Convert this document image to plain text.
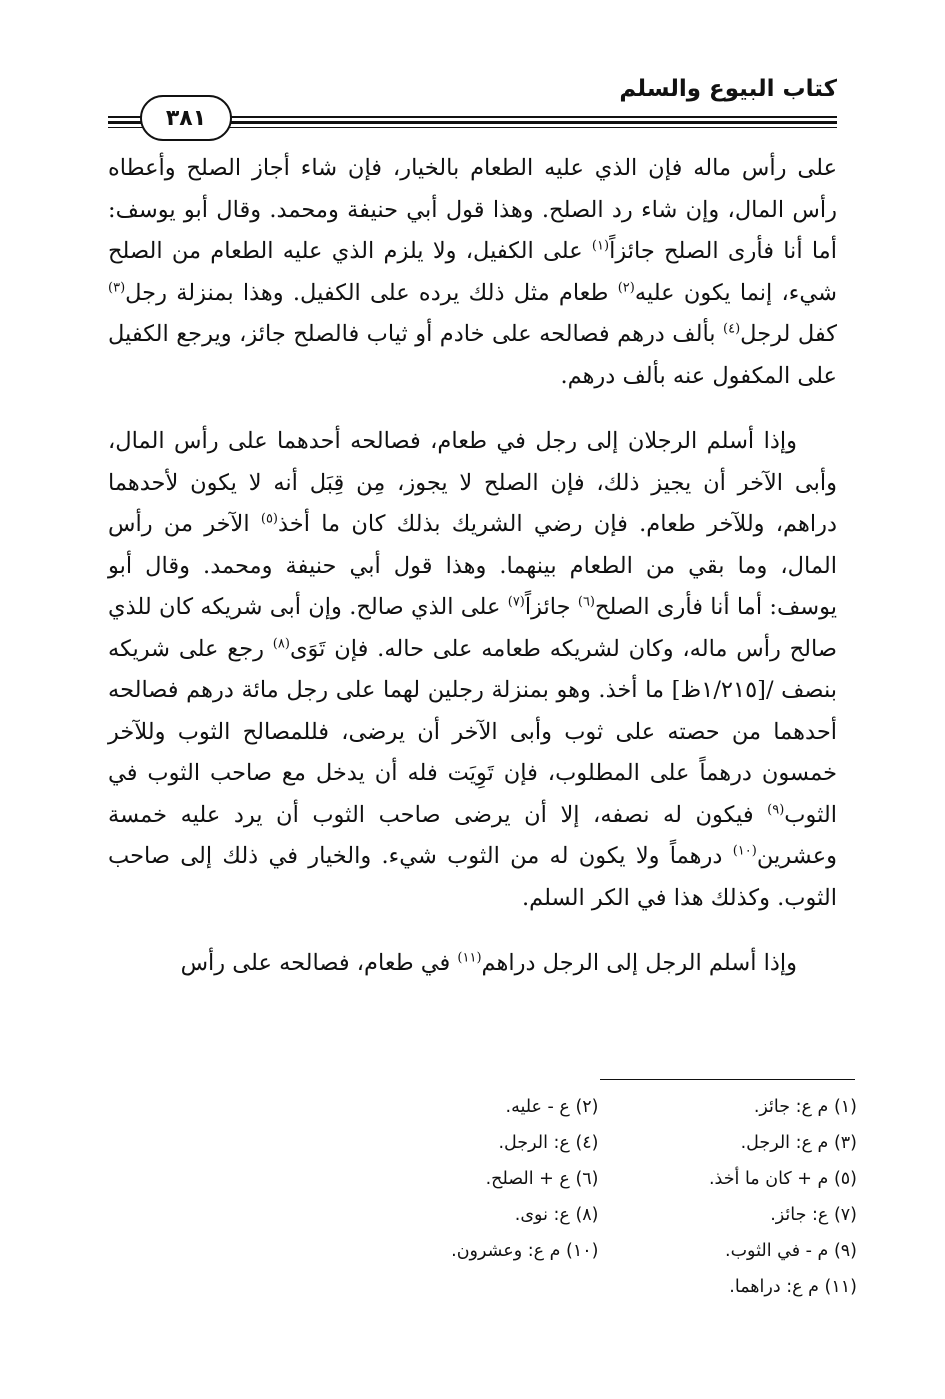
كتاب البيوع والسلم
٣٨١

على رأس ماله فإن الذي عليه الطعام بالخيار، فإن شاء أجاز الصلح وأعطاه رأس المال، وإن شاء رد الصلح. وهذا قول أبي حنيفة ومحمد. وقال أبو يوسف: أما أنا فأرى الصلح جائزاً$^{(١)}$ على الكفيل، ولا يلزم الذي عليه الطعام من الصلح شيء، إنما يكون عليه$^{(٢)}$ طعام مثل ذلك يرده على الكفيل. وهذا بمنزلة رجل$^{(٣)}$ كفل لرجل$^{(٤)}$ بألف درهم فصالحه على خادم أو ثياب فالصلح جائز، ويرجع الكفيل على المكفول عنه بألف درهم.

وإذا أسلم الرجلان إلى رجل في طعام، فصالحه أحدهما على رأس المال، وأبى الآخر أن يجيز ذلك، فإن الصلح لا يجوز، مِن قِبَل أنه لا يكون لأحدهما دراهم، وللآخر طعام. فإن رضي الشريك بذلك كان ما أخذ$^{(٥)}$ الآخر من رأس المال، وما بقي من الطعام بينهما. وهذا قول أبي حنيفة ومحمد. وقال أبو يوسف: أما أنا فأرى الصلح$^{(٦)}$ جائزاً$^{(٧)}$ على الذي صالح. وإن أبى شريكه كان للذي صالح رأس ماله، وكان لشريكه طعامه على حاله. فإن تَوَى$^{(٨)}$ رجع على شريكه بنصف /[١/٢١٥ظ] ما أخذ. وهو بمنزلة رجلين لهما على رجل مائة درهم فصالحه أحدهما من حصته على ثوب وأبى الآخر أن يرضى، فللمصالح الثوب وللآخر خمسون درهماً على المطلوب، فإن تَوِيَت فله أن يدخل مع صاحب الثوب في الثوب$^{(٩)}$ فيكون له نصفه، إلا أن يرضى صاحب الثوب أن يرد عليه خمسة وعشرين$^{(١٠)}$ درهماً ولا يكون له من الثوب شيء. والخيار في ذلك إلى صاحب الثوب. وكذلك هذا في الكر السلم.

وإذا أسلم الرجل إلى الرجل دراهم$^{(١١)}$ في طعام، فصالحه على رأس

(١) م ع: جائز.
(٢) ع - عليه.
(٣) م ع: الرجل.
(٤) ع: الرجل.
(٥) م + كان ما أخذ.
(٦) ع + الصلح.
(٧) ع: جائز.
(٨) ع: نوى.
(٩) م - في الثوب.
(١٠) م ع: وعشرون.
(١١) م ع: دراهما.
